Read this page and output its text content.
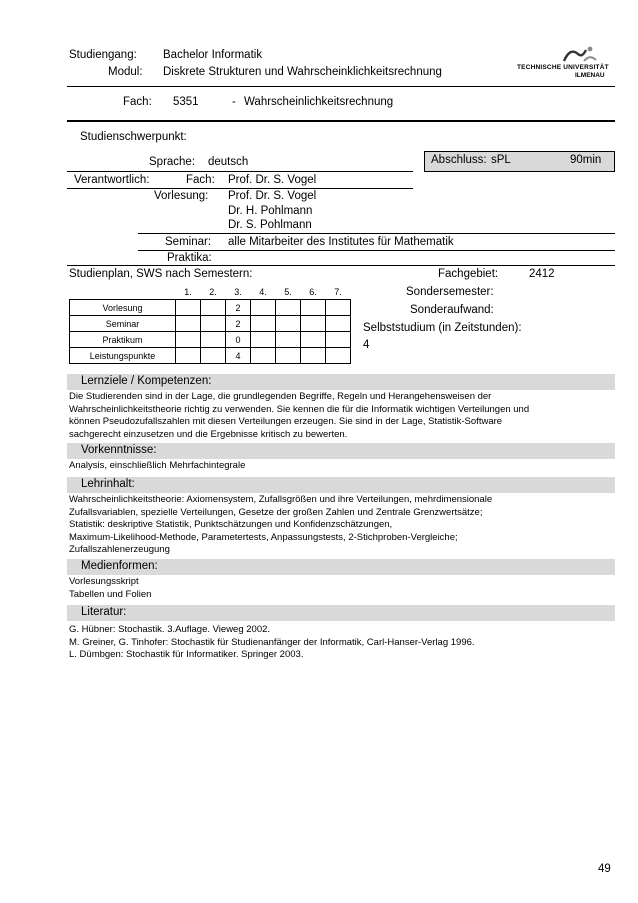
Studiengang: Bachelor Informatik
Modul: Diskrete Strukturen und Wahrscheinklichkeitsrechnung	TECHNISCHE UNIVERSITÄT
ILMENAU
Fach: 5351	- Wahrscheinlichkeitsrechnung
Studienschwerpunkt:
Sprache: deutsch	Abschluss: sPL	90min
Verantwortlich:	Fach: Prof. Dr. S. Vogel
Vorlesung: Prof. Dr. S. Vogel
Dr. H. Pohlmann
Dr. S. Pohlmann
Seminar: alle Mitarbeiter des Institutes für Mathematik
Praktika:
Studienplan, SWS nach Semestern:
	1.	2.	3.	4.	5.	6.	7.
Vorlesung			2				
Seminar			2				
Praktikum			0				
Leistungspunkte			4				
Fachgebiet:	2412
Sondersemester:
Sonderaufwand:
Selbststudium (in Zeitstunden):
4
Lernziele / Kompetenzen:
Die Studierenden sind in der Lage, die grundlegenden Begriffe, Regeln und Herangehensweisen der
Wahrscheinlichkeitstheorie richtig zu verwenden. Sie kennen die für die Informatik wichtigen Verteilungen und
können Pseudozufallszahlen mit diesen Verteilungen erzeugen. Sie sind in der Lage, Statistik-Software
sachgerecht einzusetzen und die Ergebnisse kritisch zu bewerten.
Vorkenntnisse:
Analysis, einschließlich Mehrfachintegrale
Lehrinhalt:
Wahrscheinlichkeitstheorie: Axiomensystem, Zufallsgrößen und ihre Verteilungen, mehrdimensionale
Zufallsvariablen, spezielle Verteilungen, Gesetze der großen Zahlen und Zentrale Grenzwertsätze;
Statistik: deskriptive Statistik, Punktschätzungen und Konfidenzschätzungen,
Maximum-Likelihood-Methode, Parametertests, Anpassungstests, 2-Stichproben-Vergleiche;
Zufallszahlenerzeugung
Medienformen:
Vorlesungsskript
Tabellen und Folien
Literatur:
G. Hübner: Stochastik. 3.Auflage. Vieweg 2002.
M. Greiner, G. Tinhofer: Stochastik für Studienanfänger der Informatik, Carl-Hanser-Verlag 1996.
L. Dümbgen: Stochastik für Informatiker. Springer 2003.
49
